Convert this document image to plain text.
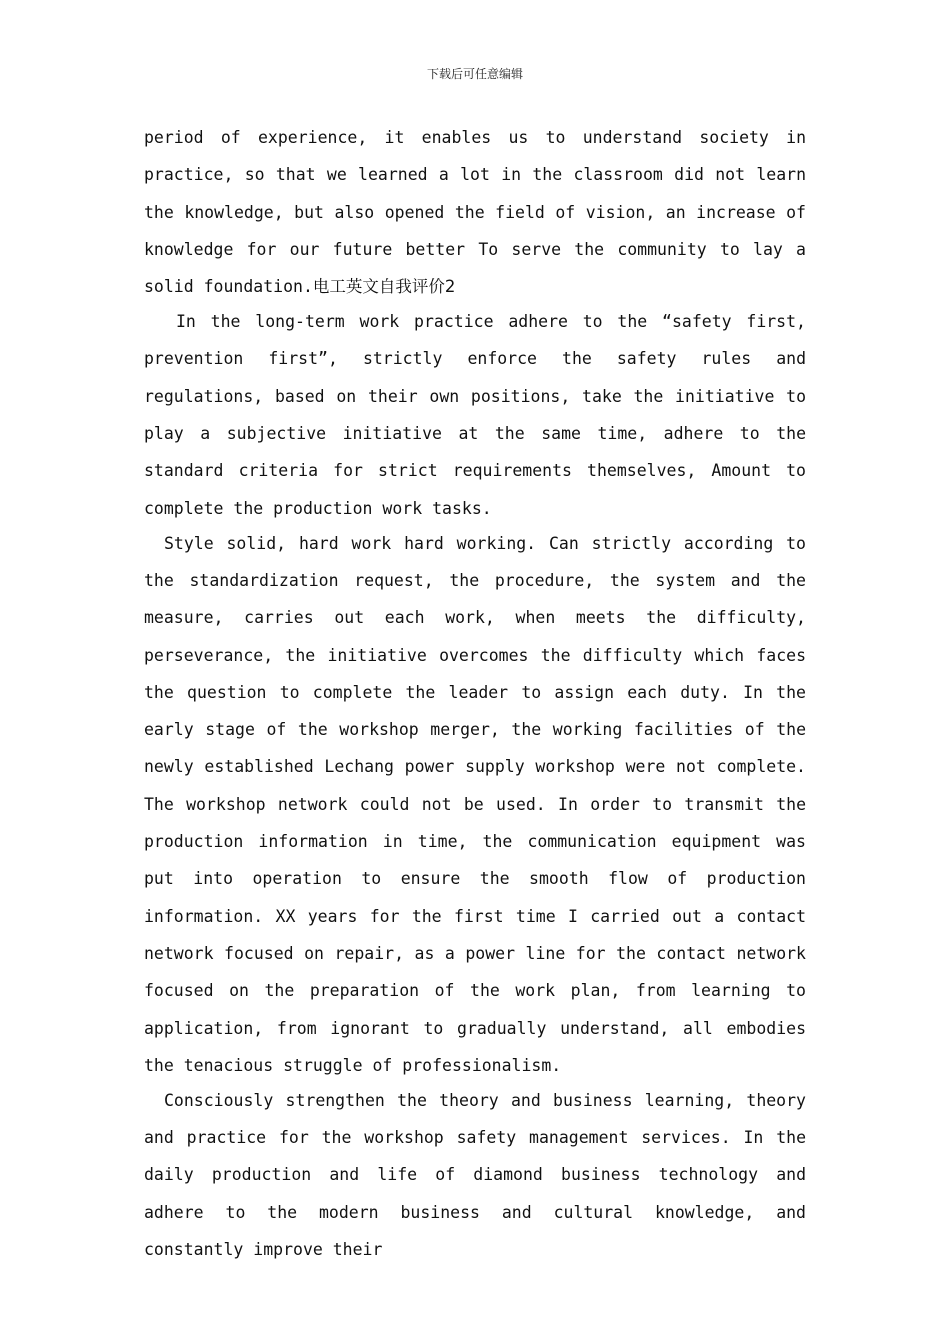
下载后可任意编辑

period of experience, it enables us to understand society in practice, so that we learned a lot in the classroom did not learn the knowledge, but also opened the field of vision, an increase of knowledge for our future better To serve the community to lay a solid foundation.电工英文自我评价2

In the long-term work practice adhere to the “safety first, prevention first”, strictly enforce the safety rules and regulations, based on their own positions, take the initiative to play a subjective initiative at the same time, adhere to the standard criteria for strict requirements themselves, Amount to complete the production work tasks.

Style solid, hard work hard working. Can strictly according to the standardization request, the procedure, the system and the measure, carries out each work, when meets the difficulty, perseverance, the initiative overcomes the difficulty which faces the question to complete the leader to assign each duty. In the early stage of the workshop merger, the working facilities of the newly established Lechang power supply workshop were not complete. The workshop network could not be used. In order to transmit the production information in time, the communication equipment was put into operation to ensure the smooth flow of production information. XX years for the first time I carried out a contact network focused on repair, as a power line for the contact network focused on the preparation of the work plan, from learning to application, from ignorant to gradually understand, all embodies the tenacious struggle of professionalism.

Consciously strengthen the theory and business learning, theory and practice for the workshop safety management services. In the daily production and life of diamond business technology and adhere to the modern business and cultural knowledge, and constantly improve their
